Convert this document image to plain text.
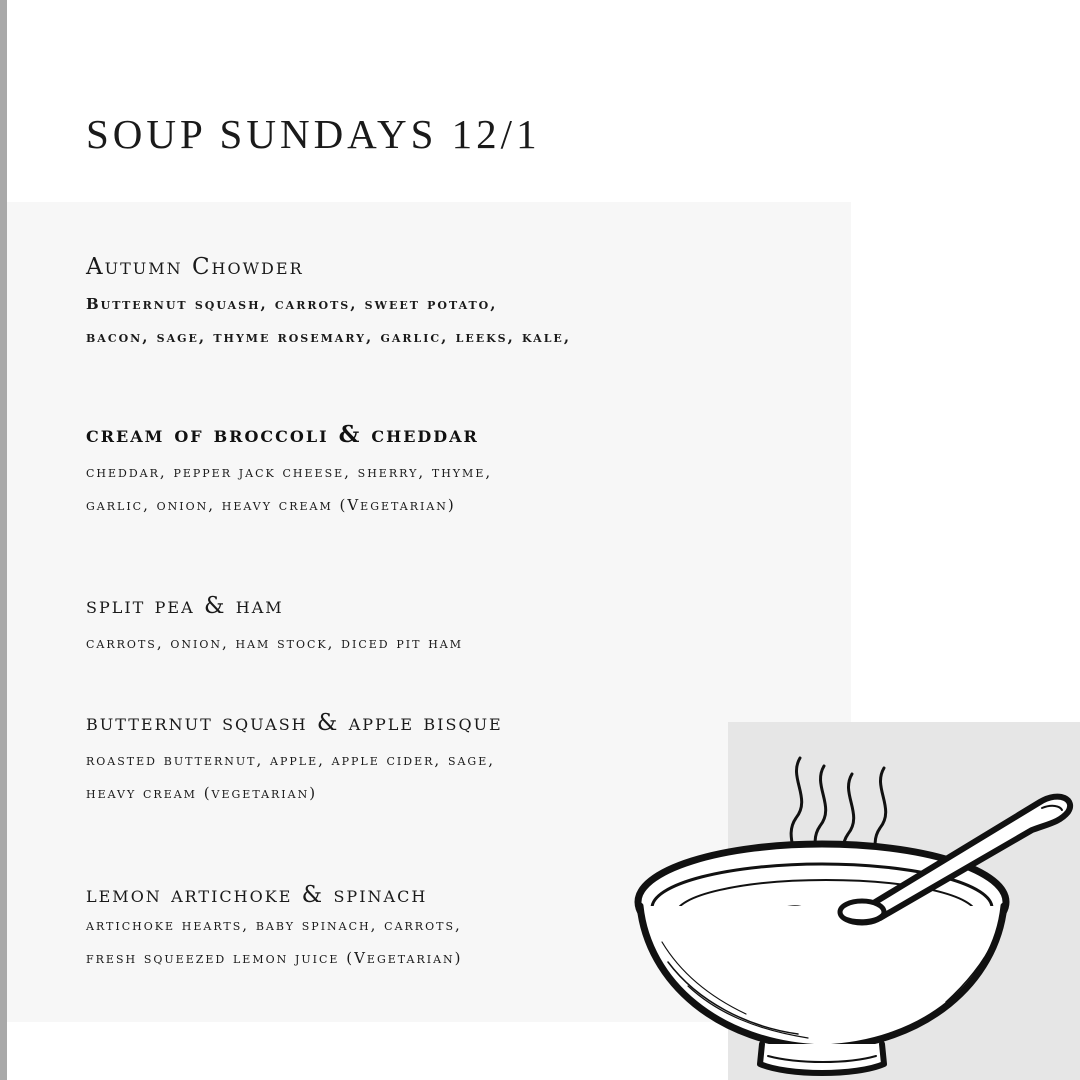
SOUP SUNDAYS 12/1
Autumn Chowder
Butternut squash, carrots, sweet potato,
bacon, sage, thyme rosemary, garlic, leeks, kale,
cream of broccoli & cheddar
cheddar, pepper jack cheese, sherry, thyme,
garlic, onion, heavy cream (Vegetarian)
split pea & ham
carrots, onion, ham stock, diced pit ham
butternut squash & apple bisque
roasted butternut, apple, apple cider, sage,
heavy cream (vegetarian)
lemon artichoke & spinach
artichoke hearts, baby spinach, carrots,
fresh squeezed lemon juice (Vegetarian)
